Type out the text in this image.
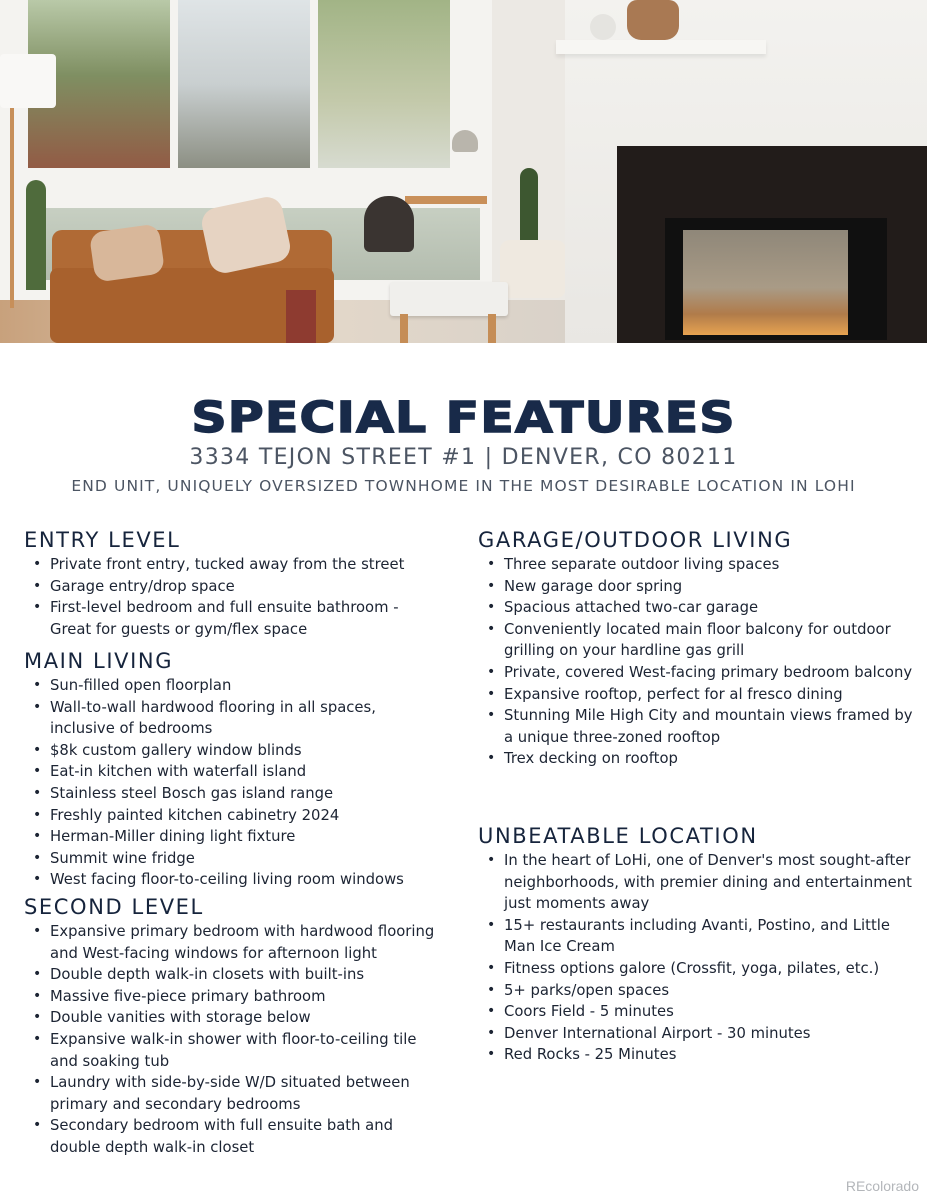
SPECIAL FEATURES
3334 TEJON STREET #1 | DENVER, CO 80211
END UNIT, UNIQUELY OVERSIZED TOWNHOME IN THE MOST DESIRABLE LOCATION IN LOHI
ENTRY LEVEL
• Private front entry, tucked away from the street
• Garage entry/drop space
• First-level bedroom and full ensuite bathroom - Great for guests or gym/flex space
MAIN LIVING
• Sun-filled open floorplan
• Wall-to-wall hardwood flooring in all spaces, inclusive of bedrooms
• $8k custom gallery window blinds
• Eat-in kitchen with waterfall island
• Stainless steel Bosch gas island range
• Freshly painted kitchen cabinetry 2024
• Herman-Miller dining light fixture
• Summit wine fridge
• West facing floor-to-ceiling living room windows
SECOND LEVEL
• Expansive primary bedroom with hardwood flooring and West-facing windows for afternoon light
• Double depth walk-in closets with built-ins
• Massive five-piece primary bathroom
• Double vanities with storage below
• Expansive walk-in shower with floor-to-ceiling tile and soaking tub
• Laundry with side-by-side W/D situated between primary and secondary bedrooms
• Secondary bedroom with full ensuite bath and double depth walk-in closet
GARAGE/OUTDOOR LIVING
• Three separate outdoor living spaces
• New garage door spring
• Spacious attached two-car garage
• Conveniently located main floor balcony for outdoor grilling on your hardline gas grill
• Private, covered West-facing primary bedroom balcony
• Expansive rooftop, perfect for al fresco dining
• Stunning Mile High City and mountain views framed by a unique three-zoned rooftop
• Trex decking on rooftop
UNBEATABLE LOCATION
• In the heart of LoHi, one of Denver's most sought-after neighborhoods, with premier dining and entertainment just moments away
• 15+ restaurants including Avanti, Postino, and Little Man Ice Cream
• Fitness options galore (Crossfit, yoga, pilates, etc.)
• 5+ parks/open spaces
• Coors Field - 5 minutes
• Denver International Airport - 30 minutes
• Red Rocks - 25 Minutes
REcolorado
